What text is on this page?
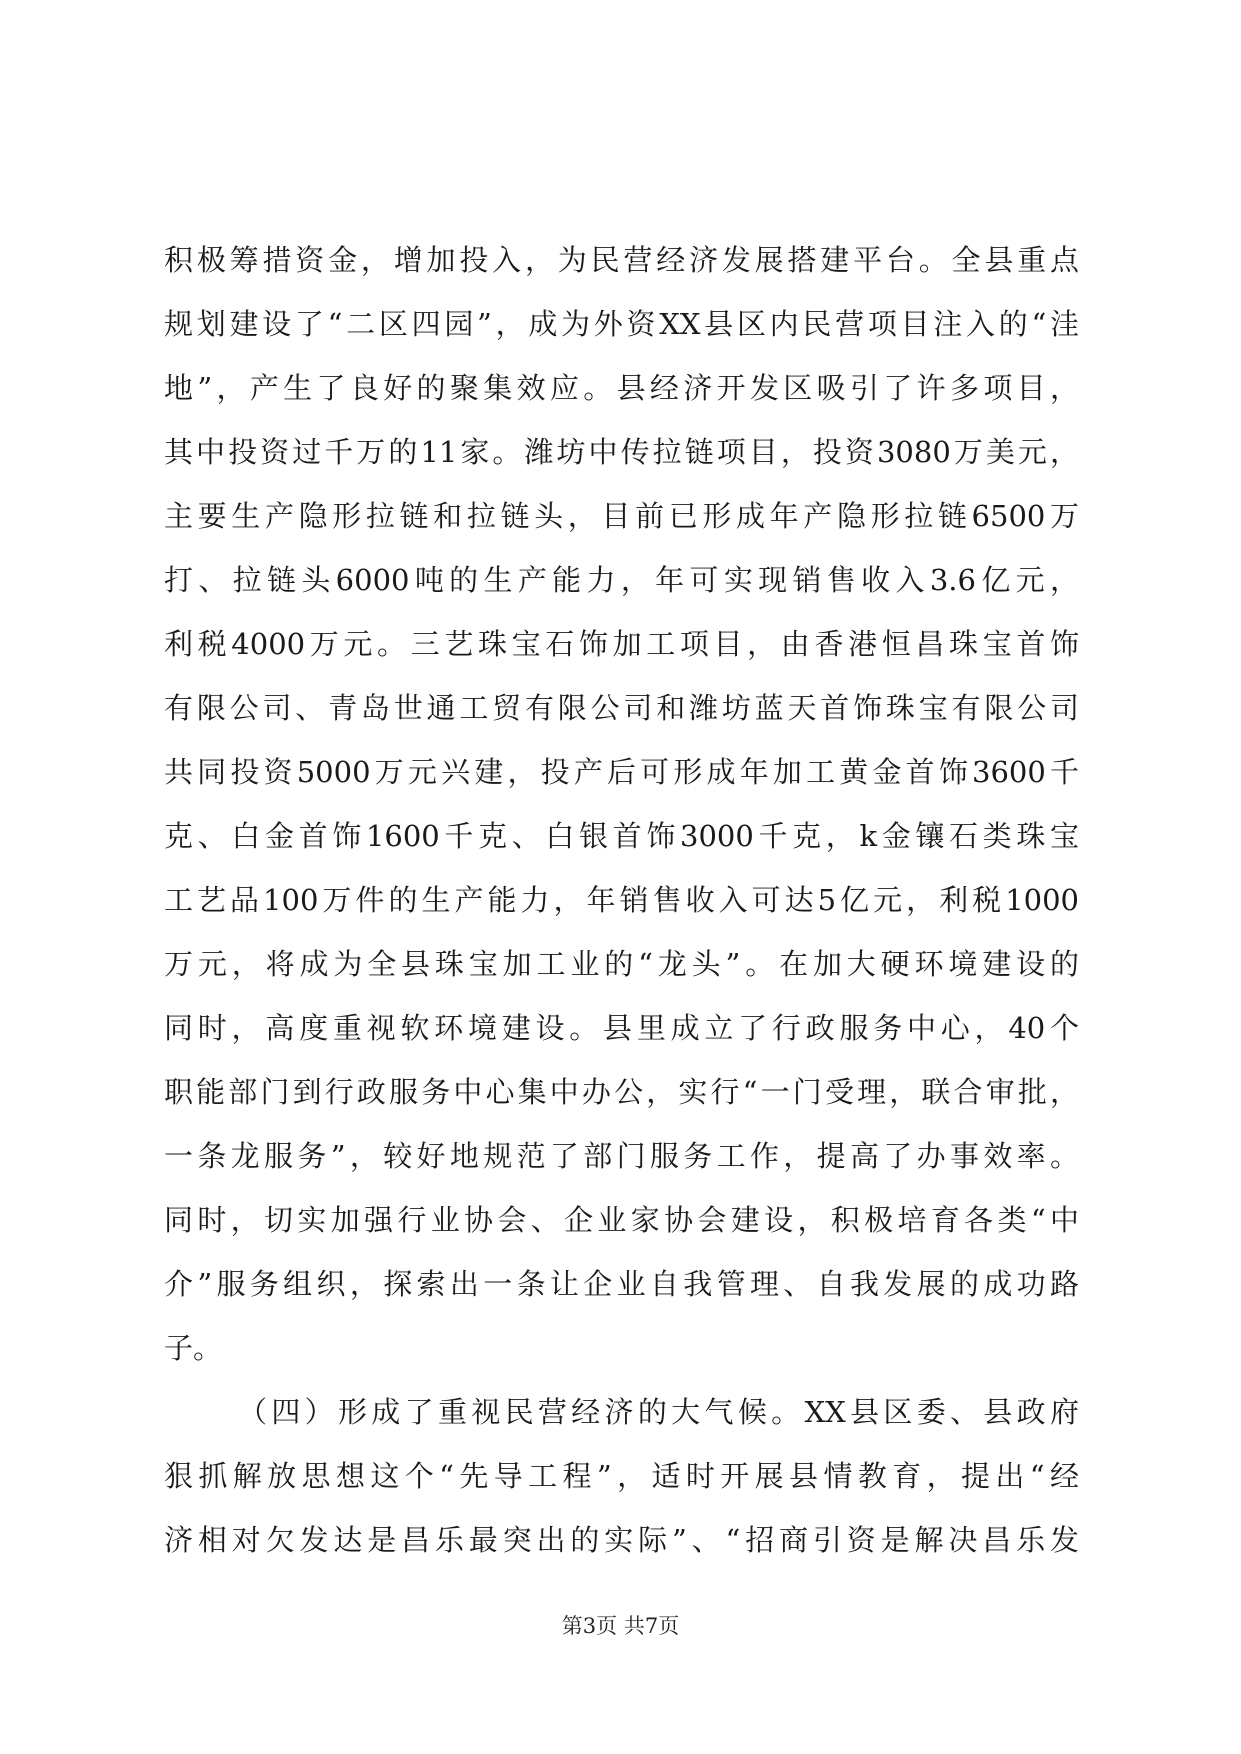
积极筹措资金，增加投入，为民营经济发展搭建平台。全县重点
规划建设了“二区四园”，成为外资XX县区内民营项目注入的“洼
地”，产生了良好的聚集效应。县经济开发区吸引了许多项目，
其中投资过千万的11家。潍坊中传拉链项目，投资3080万美元，
主要生产隐形拉链和拉链头，目前已形成年产隐形拉链6500万
打、拉链头6000吨的生产能力，年可实现销售收入3.6亿元，
利税4000万元。三艺珠宝石饰加工项目，由香港恒昌珠宝首饰
有限公司、青岛世通工贸有限公司和潍坊蓝天首饰珠宝有限公司
共同投资5000万元兴建，投产后可形成年加工黄金首饰3600千
克、白金首饰1600千克、白银首饰3000千克，k金镶石类珠宝
工艺品100万件的生产能力，年销售收入可达5亿元，利税1000
万元，将成为全县珠宝加工业的“龙头”。在加大硬环境建设的
同时，高度重视软环境建设。县里成立了行政服务中心，40个
职能部门到行政服务中心集中办公，实行“一门受理，联合审批，
一条龙服务”，较好地规范了部门服务工作，提高了办事效率。
同时，切实加强行业协会、企业家协会建设，积极培育各类“中
介”服务组织，探索出一条让企业自我管理、自我发展的成功路
子。
（四）形成了重视民营经济的大气候。XX县区委、县政府
狠抓解放思想这个“先导工程”，适时开展县情教育，提出“经
济相对欠发达是昌乐最突出的实际”、“招商引资是解决昌乐发
第3页 共7页
